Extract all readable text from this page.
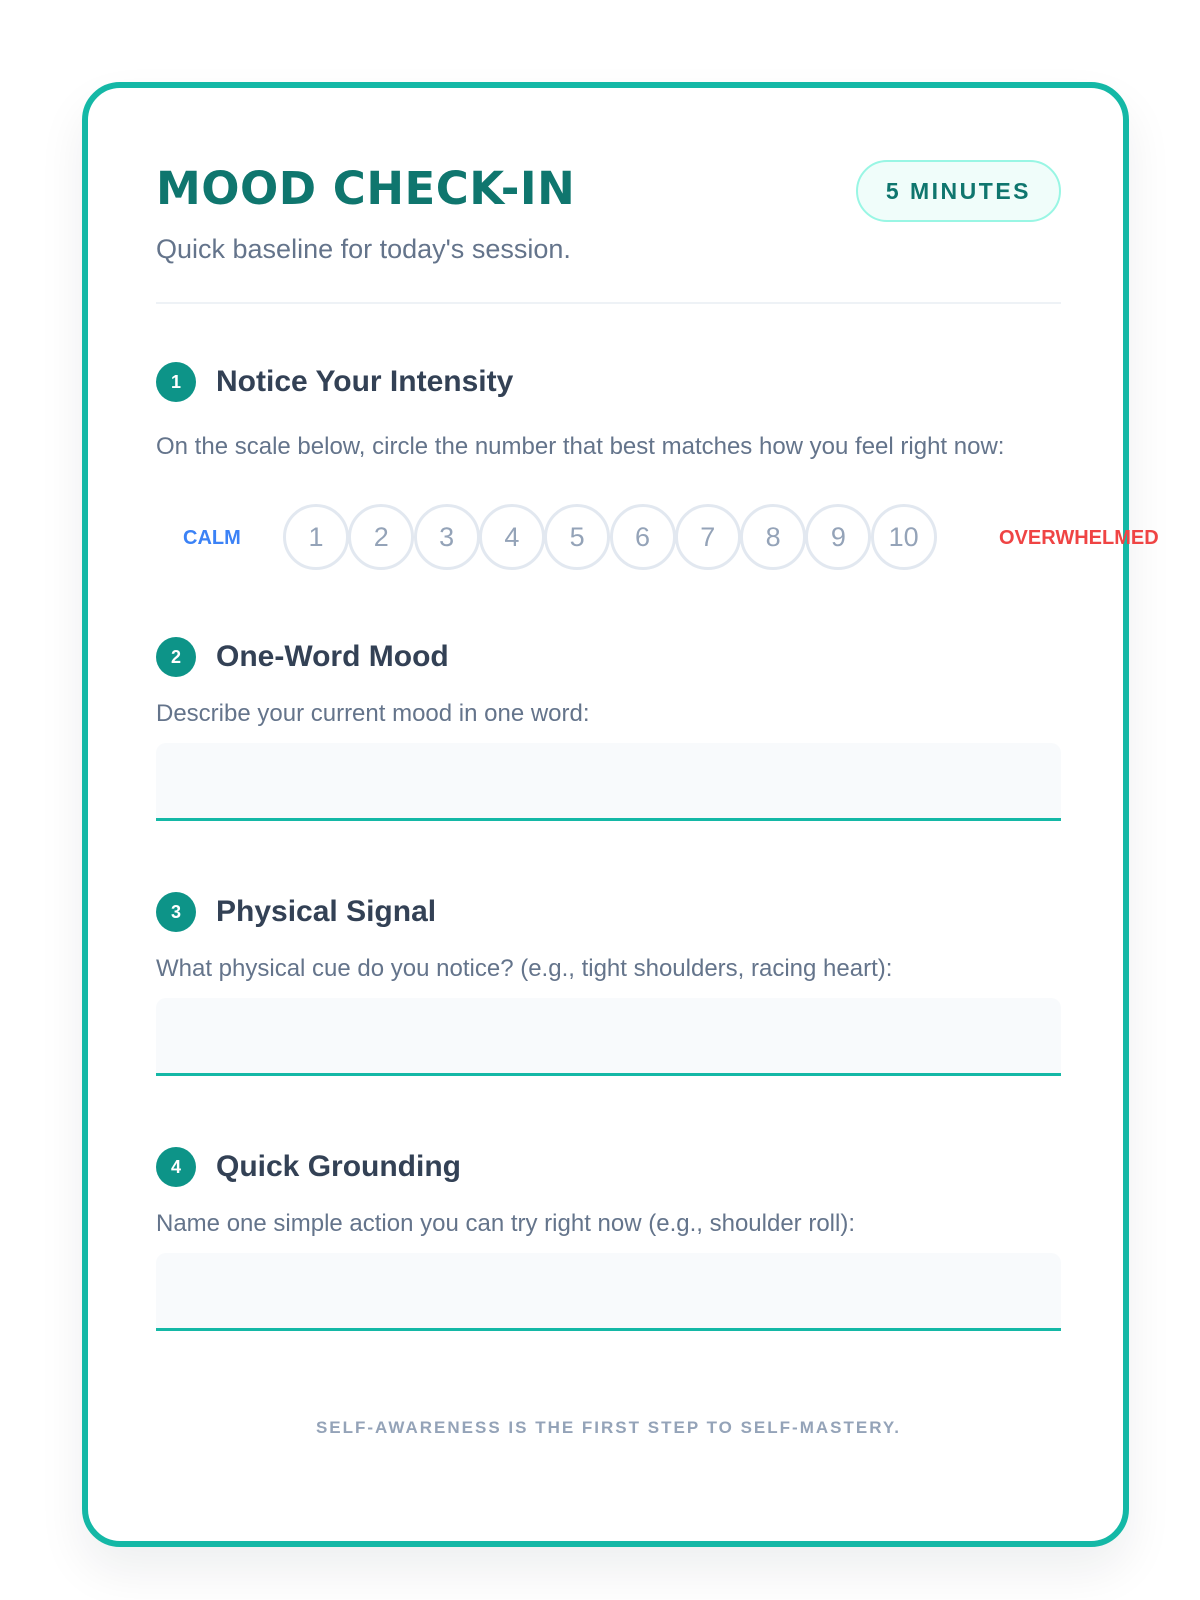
MOOD CHECK-IN
Quick baseline for today's session.
5 MINUTES
1	Notice Your Intensity
On the scale below, circle the number that best matches how you feel right now:
CALM	1	2	3	4	5	6	7	8	9	10	OVERWHELMED
2	One-Word Mood
Describe your current mood in one word:
3	Physical Signal
What physical cue do you notice? (e.g., tight shoulders, racing heart):
4	Quick Grounding
Name one simple action you can try right now (e.g., shoulder roll):
SELF-AWARENESS IS THE FIRST STEP TO SELF-MASTERY.
